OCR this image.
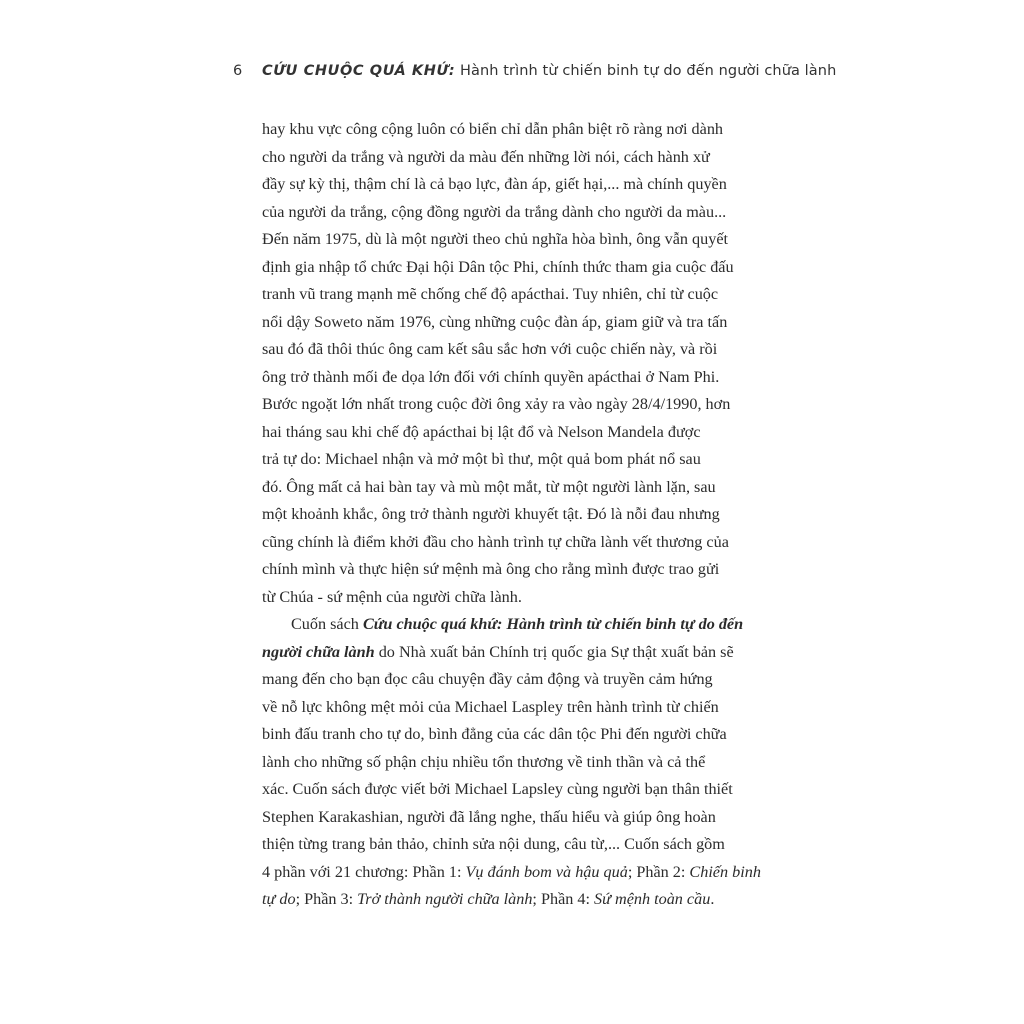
6 CỨU CHUỘC QUÁ KHỨ: Hành trình từ chiến binh tự do đến người chữa lành
hay khu vực công cộng luôn có biển chỉ dẫn phân biệt rõ ràng nơi dành
cho người da trắng và người da màu đến những lời nói, cách hành xử
đầy sự kỳ thị, thậm chí là cả bạo lực, đàn áp, giết hại,... mà chính quyền
của người da trắng, cộng đồng người da trắng dành cho người da màu...
Đến năm 1975, dù là một người theo chủ nghĩa hòa bình, ông vẫn quyết
định gia nhập tổ chức Đại hội Dân tộc Phi, chính thức tham gia cuộc đấu
tranh vũ trang mạnh mẽ chống chế độ apácthai. Tuy nhiên, chỉ từ cuộc
nổi dậy Soweto năm 1976, cùng những cuộc đàn áp, giam giữ và tra tấn
sau đó đã thôi thúc ông cam kết sâu sắc hơn với cuộc chiến này, và rồi
ông trở thành mối đe dọa lớn đối với chính quyền apácthai ở Nam Phi.
Bước ngoặt lớn nhất trong cuộc đời ông xảy ra vào ngày 28/4/1990, hơn
hai tháng sau khi chế độ apácthai bị lật đổ và Nelson Mandela được
trả tự do: Michael nhận và mở một bì thư, một quả bom phát nổ sau
đó. Ông mất cả hai bàn tay và mù một mắt, từ một người lành lặn, sau
một khoảnh khắc, ông trở thành người khuyết tật. Đó là nỗi đau nhưng
cũng chính là điểm khởi đầu cho hành trình tự chữa lành vết thương của
chính mình và thực hiện sứ mệnh mà ông cho rằng mình được trao gửi
từ Chúa - sứ mệnh của người chữa lành.
Cuốn sách Cứu chuộc quá khứ: Hành trình từ chiến binh tự do đến
người chữa lành do Nhà xuất bản Chính trị quốc gia Sự thật xuất bản sẽ
mang đến cho bạn đọc câu chuyện đầy cảm động và truyền cảm hứng
về nỗ lực không mệt mỏi của Michael Laspley trên hành trình từ chiến
binh đấu tranh cho tự do, bình đẳng của các dân tộc Phi đến người chữa
lành cho những số phận chịu nhiều tổn thương về tinh thần và cả thể
xác. Cuốn sách được viết bởi Michael Lapsley cùng người bạn thân thiết
Stephen Karakashian, người đã lắng nghe, thấu hiểu và giúp ông hoàn
thiện từng trang bản thảo, chỉnh sửa nội dung, câu từ,... Cuốn sách gồm
4 phần với 21 chương: Phần 1: Vụ đánh bom và hậu quả; Phần 2: Chiến binh
tự do; Phần 3: Trở thành người chữa lành; Phần 4: Sứ mệnh toàn cầu.
